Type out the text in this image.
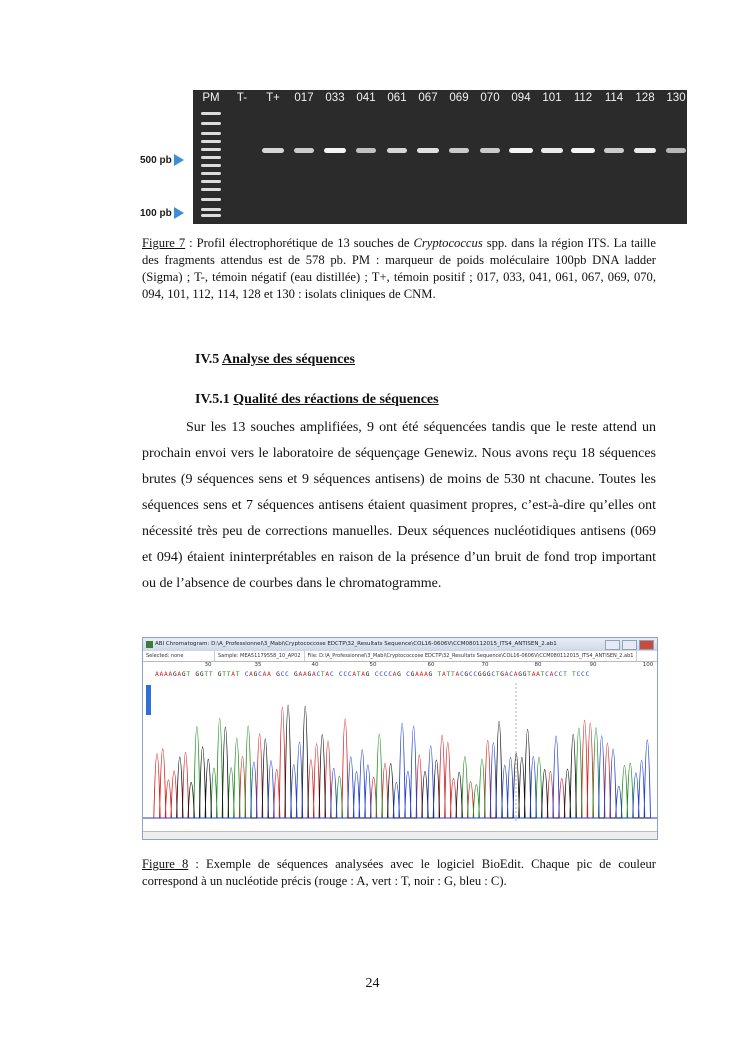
PM T- T+ 017 033 041 061 067 069 070 094 101 112 114 128 130
500 pb
100 pb
Figure 7 : Profil électrophorétique de 13 souches de Cryptococcus spp. dans la région ITS. La taille des fragments attendus est de 578 pb. PM : marqueur de poids moléculaire 100pb DNA ladder (Sigma) ; T-, témoin négatif (eau distillée) ; T+, témoin positif ; 017, 033, 041, 061, 067, 069, 070, 094, 101, 112, 114, 128 et 130 : isolats cliniques de CNM.
IV.5 Analyse des séquences
IV.5.1 Qualité des réactions de séquences

Sur les 13 souches amplifiées, 9 ont été séquencées tandis que le reste attend un prochain envoi vers le laboratoire de séquençage Genewiz. Nous avons reçu 18 séquences brutes (9 séquences sens et 9 séquences antisens) de moins de 530 nt chacune. Toutes les séquences sens et 7 séquences antisens étaient quasiment propres, c’est-à-dire qu’elles ont nécessité très peu de corrections manuelles. Deux séquences nucléotidiques antisens (069 et 094) étaient ininterprétables en raison de la présence d’un bruit de fond trop important ou de l’absence de courbes dans le chromatogramme.

ABI Chromatogram: D:\A_Professionnel\3_Mabi\Cryptococcose EDCTP\32_Resultats Sequence\COL16-0606V\CCM080112015_ITS4_ANTISEN_2.ab1
Selected: none	Sample: MEA51179558_10_AP02	File: D:\A_Professionnel\3_Mabi\Cryptococcose EDCTP\32_Resultats Sequence\COL16-0606V\CCM080112015_ITS4_ANTISEN_2.ab1
30	35	40	50	60	70	80	90	100
AAAAGAGT GGTT GTTAT CAGCAA GCC GAAGACTAC CCCATAG CCCCAG CGAAAG TATTACGCCGGGCTGACAGGTAATCACCT TCCC
Figure 8 : Exemple de séquences analysées avec le logiciel BioEdit. Chaque pic de couleur correspond à un nucléotide précis (rouge : A, vert : T, noir : G, bleu : C).
24
